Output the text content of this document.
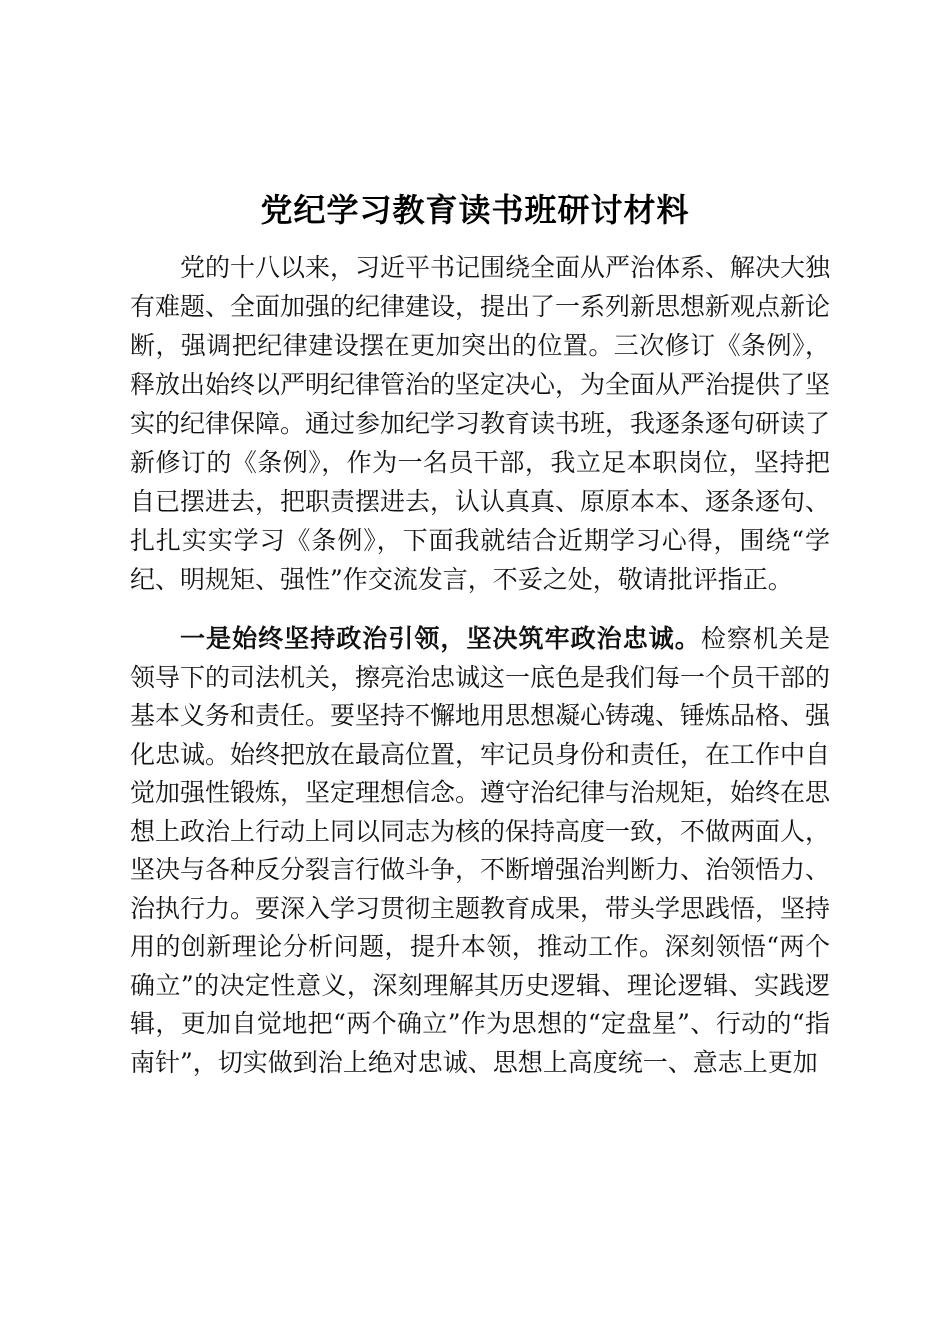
党纪学习教育读书班研讨材料

党的十八以来，习近平书记围绕全面从严治体系、解决大独有难题、全面加强的纪律建设，提出了一系列新思想新观点新论断，强调把纪律建设摆在更加突出的位置。三次修订《条例》，释放出始终以严明纪律管治的坚定决心，为全面从严治提供了坚实的纪律保障。通过参加纪学习教育读书班，我逐条逐句研读了新修订的《条例》，作为一名员干部，我立足本职岗位，坚持把自已摆进去，把职责摆进去，认认真真、原原本本、逐条逐句、扎扎实实学习《条例》，下面我就结合近期学习心得，围绕“学纪、明规矩、强性”作交流发言，不妥之处，敬请批评指正。

一是始终坚持政治引领，坚决筑牢政治忠诚。检察机关是领导下的司法机关，擦亮治忠诚这一底色是我们每一个员干部的基本义务和责任。要坚持不懈地用思想凝心铸魂、锤炼品格、强化忠诚。始终把放在最高位置，牢记员身份和责任，在工作中自觉加强性锻炼，坚定理想信念。遵守治纪律与治规矩，始终在思想上政治上行动上同以同志为核的保持高度一致，不做两面人，坚决与各种反分裂言行做斗争，不断增强治判断力、治领悟力、治执行力。要深入学习贯彻主题教育成果，带头学思践悟，坚持用的创新理论分析问题，提升本领，推动工作。深刻领悟“两个确立”的决定性意义，深刻理解其历史逻辑、理论逻辑、实践逻辑，更加自觉地把“两个确立”作为思想的“定盘星”、行动的“指南针”，切实做到治上绝对忠诚、思想上高度统一、意志上更加
